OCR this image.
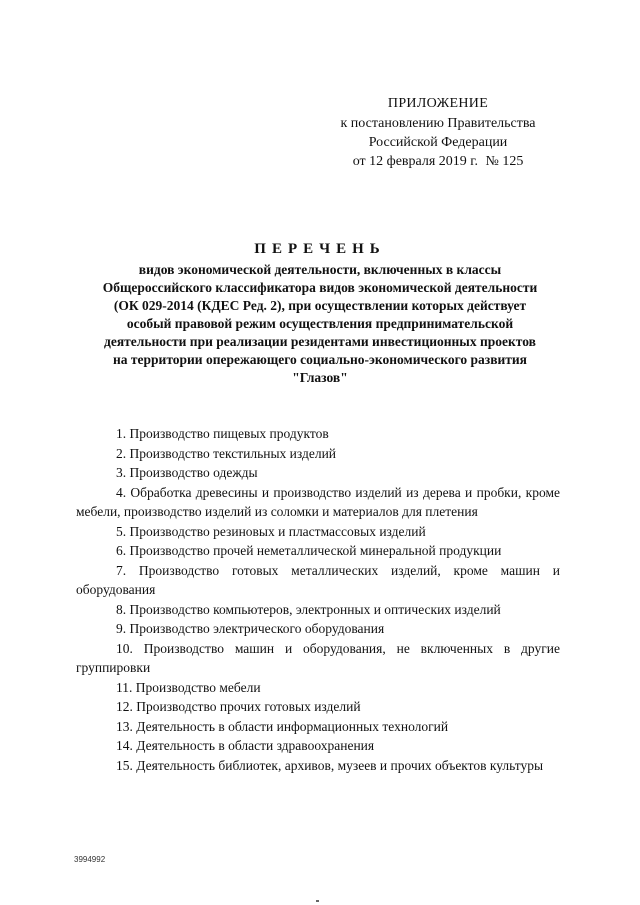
ПРИЛОЖЕНИЕ
к постановлению Правительства
Российской Федерации
от 12 февраля 2019 г. № 125
ПЕРЕЧЕНЬ
видов экономической деятельности, включенных в классы
Общероссийского классификатора видов экономической деятельности
(ОК 029-2014 (КДЕС Ред. 2), при осуществлении которых действует
особый правовой режим осуществления предпринимательской
деятельности при реализации резидентами инвестиционных проектов
на территории опережающего социально-экономического развития
"Глазов"

1. Производство пищевых продуктов

2. Производство текстильных изделий

3. Производство одежды

4. Обработка древесины и производство изделий из дерева и пробки, кроме мебели, производство изделий из соломки и материалов для плетения

5. Производство резиновых и пластмассовых изделий

6. Производство прочей неметаллической минеральной продукции

7. Производство готовых металлических изделий, кроме машин и оборудования

8. Производство компьютеров, электронных и оптических изделий

9. Производство электрического оборудования

10. Производство машин и оборудования, не включенных в другие группировки

11. Производство мебели

12. Производство прочих готовых изделий

13. Деятельность в области информационных технологий

14. Деятельность в области здравоохранения

15. Деятельность библиотек, архивов, музеев и прочих объектов культуры

3994992
